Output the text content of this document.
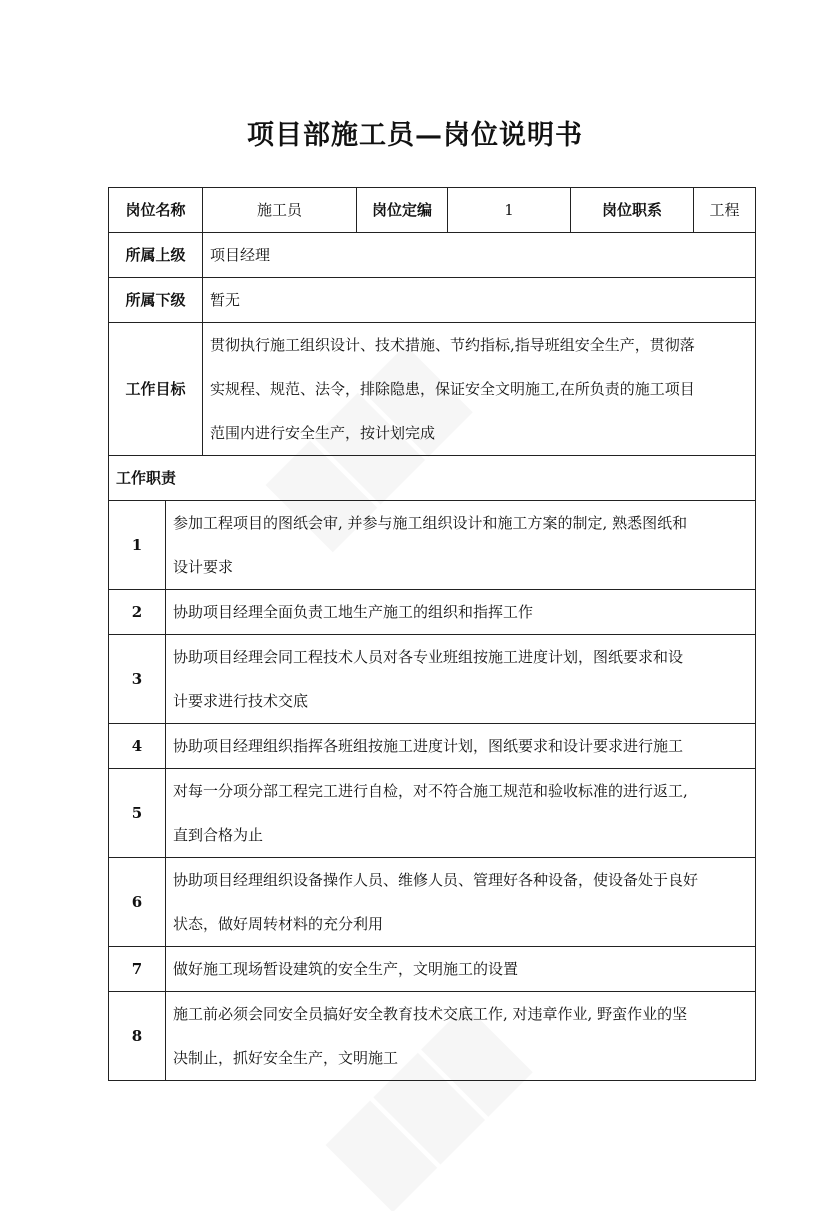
项目部施工员—岗位说明书
岗位名称		施工员	岗位定编	1	岗位职系	工程
所属上级		项目经理				
所属下级		暂无				
工作目标		贯彻执行施工组织设计、技术措施、节约指标,指导班组安全生产，贯彻落
实规程、规范、法令，排除隐患，保证安全文明施工,在所负责的施工项目
范围内进行安全生产，按计划完成				

工作职责						
1	参加工程项目的图纸会审, 并参与施工组织设计和施工方案的制定, 熟悉图纸和
设计要求					

2	协助项目经理全面负责工地生产施工的组织和指挥工作					
3	协助项目经理会同工程技术人员对各专业班组按施工进度计划，图纸要求和设
计要求进行技术交底					

4	协助项目经理组织指挥各班组按施工进度计划，图纸要求和设计要求进行施工					
5	对每一分项分部工程完工进行自检，对不符合施工规范和验收标准的进行返工,
直到合格为止					

6	协助项目经理组织设备操作人员、维修人员、管理好各种设备，使设备处于良好
状态，做好周转材料的充分利用					

7	做好施工现场暂设建筑的安全生产，文明施工的设置					
8	施工前必须会同安全员搞好安全教育技术交底工作, 对违章作业, 野蛮作业的坚
决制止，抓好安全生产，文明施工					
